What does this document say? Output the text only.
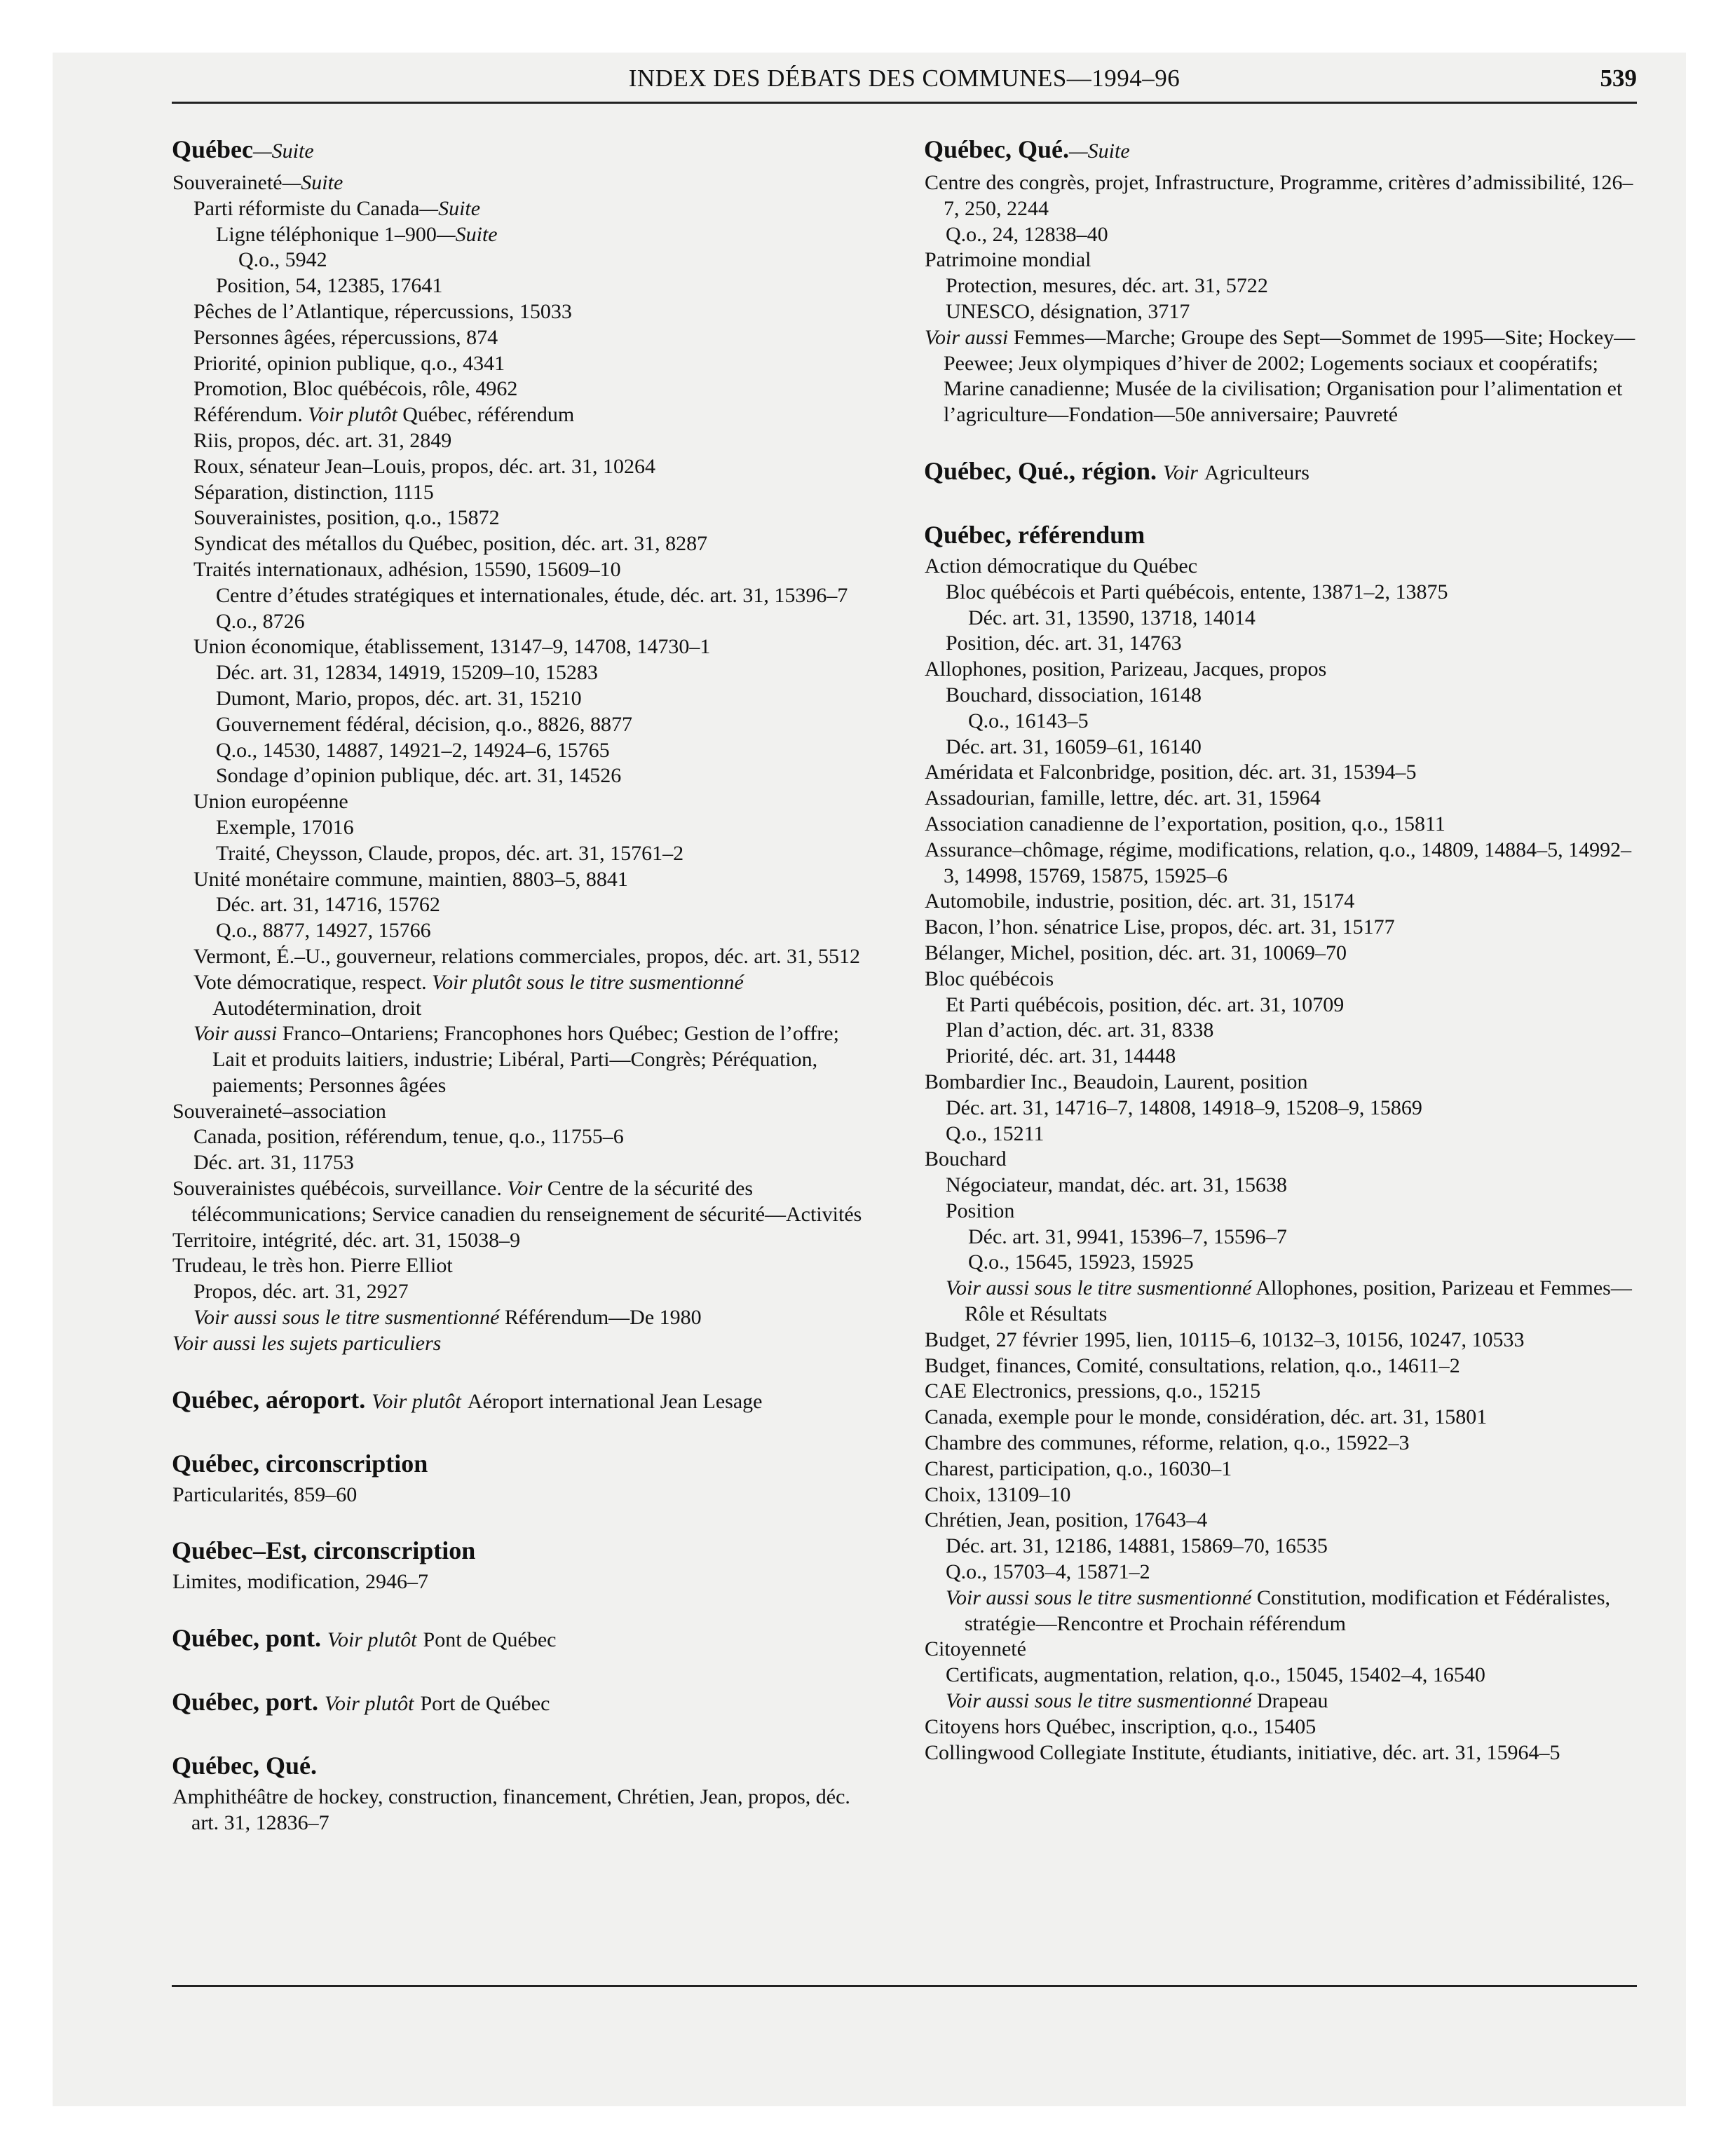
INDEX DES DÉBATS DES COMMUNES—1994–96	539
Québec—Suite
Souveraineté—Suite
Parti réformiste du Canada—Suite
Ligne téléphonique 1–900—Suite
Q.o., 5942
Position, 54, 12385, 17641
Pêches de l’Atlantique, répercussions, 15033
Personnes âgées, répercussions, 874
Priorité, opinion publique, q.o., 4341
Promotion, Bloc québécois, rôle, 4962
Référendum. Voir plutôt Québec, référendum
Riis, propos, déc. art. 31, 2849
Roux, sénateur Jean–Louis, propos, déc. art. 31, 10264
Séparation, distinction, 1115
Souverainistes, position, q.o., 15872
Syndicat des métallos du Québec, position, déc. art. 31, 8287
Traités internationaux, adhésion, 15590, 15609–10
Centre d’études stratégiques et internationales, étude, déc. art. 31, 15396–7
Q.o., 8726
Union économique, établissement, 13147–9, 14708, 14730–1
Déc. art. 31, 12834, 14919, 15209–10, 15283
Dumont, Mario, propos, déc. art. 31, 15210
Gouvernement fédéral, décision, q.o., 8826, 8877
Q.o., 14530, 14887, 14921–2, 14924–6, 15765
Sondage d’opinion publique, déc. art. 31, 14526
Union européenne
Exemple, 17016
Traité, Cheysson, Claude, propos, déc. art. 31, 15761–2
Unité monétaire commune, maintien, 8803–5, 8841
Déc. art. 31, 14716, 15762
Q.o., 8877, 14927, 15766
Vermont, É.–U., gouverneur, relations commerciales, propos, déc. art. 31, 5512
Vote démocratique, respect. Voir plutôt sous le titre susmentionné Autodétermination, droit
Voir aussi Franco–Ontariens; Francophones hors Québec; Gestion de l’offre; Lait et produits laitiers, industrie; Libéral, Parti—Congrès; Péréquation, paiements; Personnes âgées
Souveraineté–association
Canada, position, référendum, tenue, q.o., 11755–6
Déc. art. 31, 11753
Souverainistes québécois, surveillance. Voir Centre de la sécurité des télécommunications; Service canadien du renseignement de sécurité—Activités
Territoire, intégrité, déc. art. 31, 15038–9
Trudeau, le très hon. Pierre Elliot
Propos, déc. art. 31, 2927
Voir aussi sous le titre susmentionné Référendum—De 1980
Voir aussi les sujets particuliers
Québec, aéroport. Voir plutôt Aéroport international Jean Lesage
Québec, circonscription
Particularités, 859–60
Québec–Est, circonscription
Limites, modification, 2946–7
Québec, pont. Voir plutôt Pont de Québec
Québec, port. Voir plutôt Port de Québec
Québec, Qué.
Amphithéâtre de hockey, construction, financement, Chrétien, Jean, propos, déc. art. 31, 12836–7
Québec, Qué.—Suite
Centre des congrès, projet, Infrastructure, Programme, critères d’admissibilité, 126–7, 250, 2244
Q.o., 24, 12838–40
Patrimoine mondial
Protection, mesures, déc. art. 31, 5722
UNESCO, désignation, 3717
Voir aussi Femmes—Marche; Groupe des Sept—Sommet de 1995—Site; Hockey—Peewee; Jeux olympiques d’hiver de 2002; Logements sociaux et coopératifs; Marine canadienne; Musée de la civilisation; Organisation pour l’alimentation et l’agriculture—Fondation—50e anniversaire; Pauvreté
Québec, Qué., région. Voir Agriculteurs
Québec, référendum
Action démocratique du Québec
Bloc québécois et Parti québécois, entente, 13871–2, 13875
Déc. art. 31, 13590, 13718, 14014
Position, déc. art. 31, 14763
Allophones, position, Parizeau, Jacques, propos
Bouchard, dissociation, 16148
Q.o., 16143–5
Déc. art. 31, 16059–61, 16140
Améridata et Falconbridge, position, déc. art. 31, 15394–5
Assadourian, famille, lettre, déc. art. 31, 15964
Association canadienne de l’exportation, position, q.o., 15811
Assurance–chômage, régime, modifications, relation, q.o., 14809, 14884–5, 14992–3, 14998, 15769, 15875, 15925–6
Automobile, industrie, position, déc. art. 31, 15174
Bacon, l’hon. sénatrice Lise, propos, déc. art. 31, 15177
Bélanger, Michel, position, déc. art. 31, 10069–70
Bloc québécois
Et Parti québécois, position, déc. art. 31, 10709
Plan d’action, déc. art. 31, 8338
Priorité, déc. art. 31, 14448
Bombardier Inc., Beaudoin, Laurent, position
Déc. art. 31, 14716–7, 14808, 14918–9, 15208–9, 15869
Q.o., 15211
Bouchard
Négociateur, mandat, déc. art. 31, 15638
Position
Déc. art. 31, 9941, 15396–7, 15596–7
Q.o., 15645, 15923, 15925
Voir aussi sous le titre susmentionné Allophones, position, Parizeau et Femmes—Rôle et Résultats
Budget, 27 février 1995, lien, 10115–6, 10132–3, 10156, 10247, 10533
Budget, finances, Comité, consultations, relation, q.o., 14611–2
CAE Electronics, pressions, q.o., 15215
Canada, exemple pour le monde, considération, déc. art. 31, 15801
Chambre des communes, réforme, relation, q.o., 15922–3
Charest, participation, q.o., 16030–1
Choix, 13109–10
Chrétien, Jean, position, 17643–4
Déc. art. 31, 12186, 14881, 15869–70, 16535
Q.o., 15703–4, 15871–2
Voir aussi sous le titre susmentionné Constitution, modification et Fédéralistes, stratégie—Rencontre et Prochain référendum
Citoyenneté
Certificats, augmentation, relation, q.o., 15045, 15402–4, 16540
Voir aussi sous le titre susmentionné Drapeau
Citoyens hors Québec, inscription, q.o., 15405
Collingwood Collegiate Institute, étudiants, initiative, déc. art. 31, 15964–5
